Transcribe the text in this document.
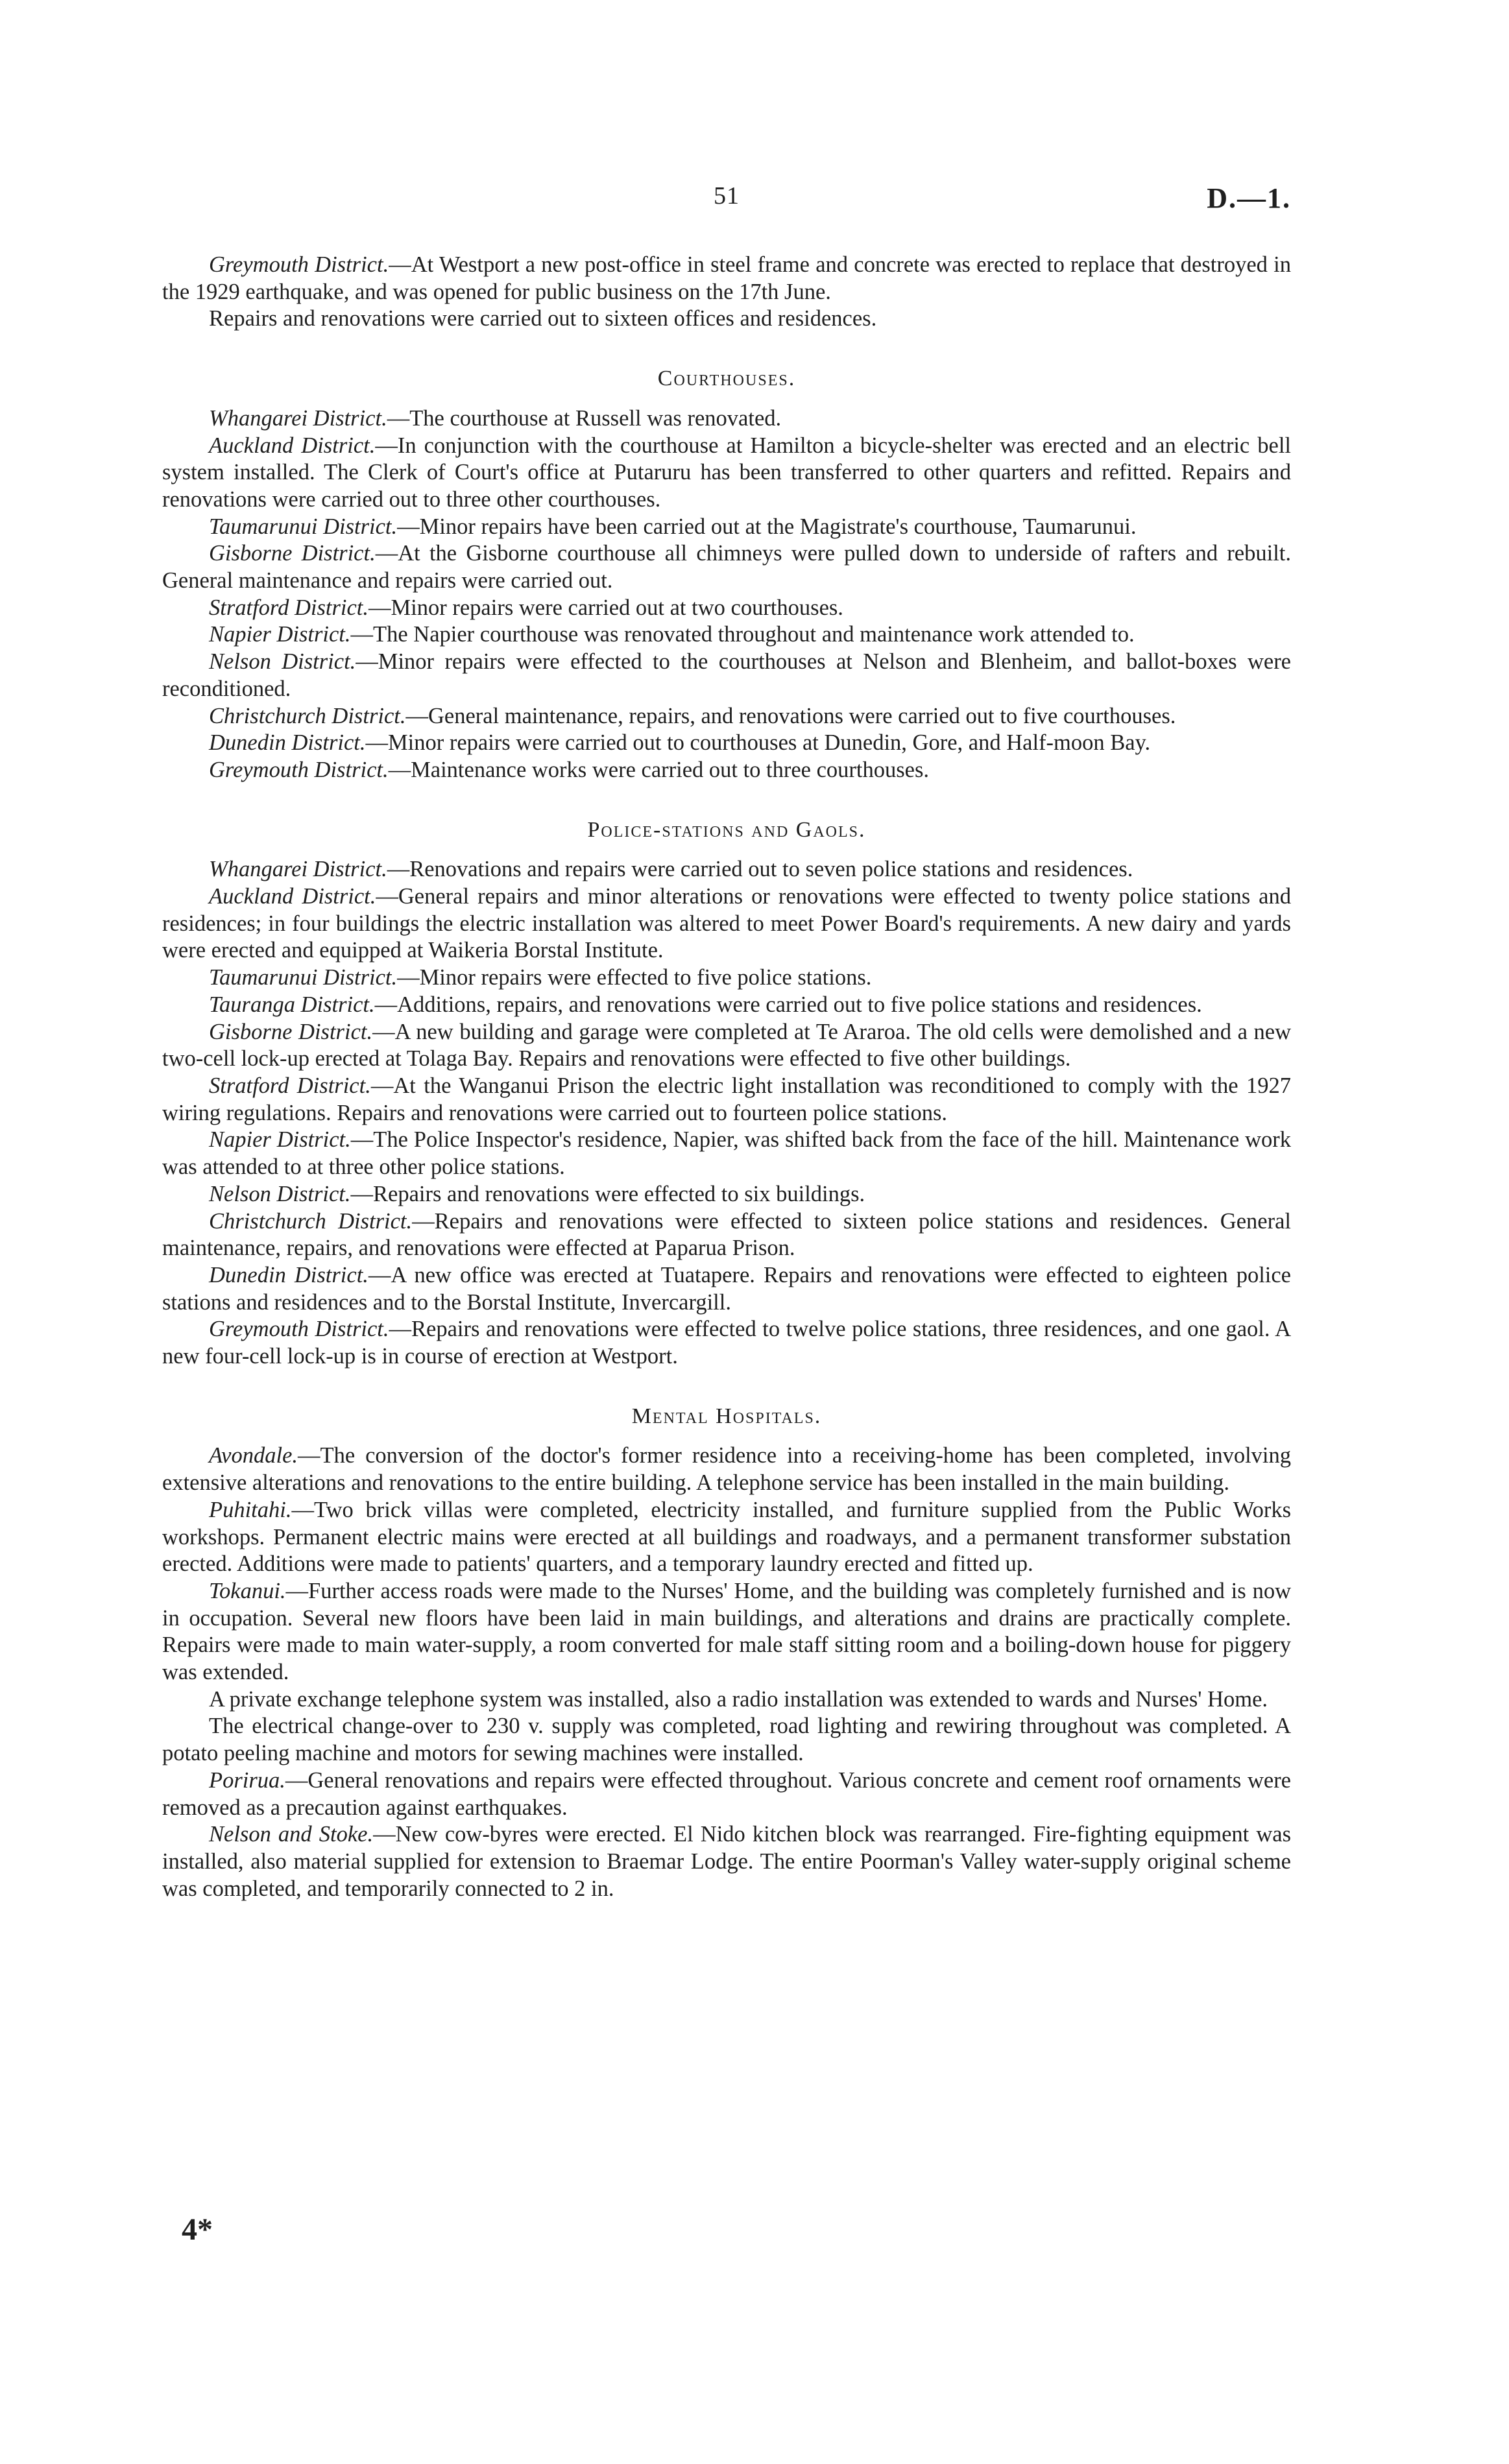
51	D.—1.

Greymouth District.—At Westport a new post-office in steel frame and concrete was erected to replace that destroyed in the 1929 earthquake, and was opened for public business on the 17th June.

Repairs and renovations were carried out to sixteen offices and residences.

Courthouses.

Whangarei District.—The courthouse at Russell was renovated.

Auckland District.—In conjunction with the courthouse at Hamilton a bicycle-shelter was erected and an electric bell system installed. The Clerk of Court's office at Putaruru has been transferred to other quarters and refitted. Repairs and renovations were carried out to three other courthouses.

Taumarunui District.—Minor repairs have been carried out at the Magistrate's courthouse, Taumarunui.

Gisborne District.—At the Gisborne courthouse all chimneys were pulled down to underside of rafters and rebuilt. General maintenance and repairs were carried out.

Stratford District.—Minor repairs were carried out at two courthouses.

Napier District.—The Napier courthouse was renovated throughout and maintenance work attended to.

Nelson District.—Minor repairs were effected to the courthouses at Nelson and Blenheim, and ballot-boxes were reconditioned.

Christchurch District.—General maintenance, repairs, and renovations were carried out to five courthouses.

Dunedin District.—Minor repairs were carried out to courthouses at Dunedin, Gore, and Half-moon Bay.

Greymouth District.—Maintenance works were carried out to three courthouses.

Police-stations and Gaols.

Whangarei District.—Renovations and repairs were carried out to seven police stations and residences.

Auckland District.—General repairs and minor alterations or renovations were effected to twenty police stations and residences; in four buildings the electric installation was altered to meet Power Board's requirements. A new dairy and yards were erected and equipped at Waikeria Borstal Institute.

Taumarunui District.—Minor repairs were effected to five police stations.

Tauranga District.—Additions, repairs, and renovations were carried out to five police stations and residences.

Gisborne District.—A new building and garage were completed at Te Araroa. The old cells were demolished and a new two-cell lock-up erected at Tolaga Bay. Repairs and renovations were effected to five other buildings.

Stratford District.—At the Wanganui Prison the electric light installation was reconditioned to comply with the 1927 wiring regulations. Repairs and renovations were carried out to fourteen police stations.

Napier District.—The Police Inspector's residence, Napier, was shifted back from the face of the hill. Maintenance work was attended to at three other police stations.

Nelson District.—Repairs and renovations were effected to six buildings.

Christchurch District.—Repairs and renovations were effected to sixteen police stations and residences. General maintenance, repairs, and renovations were effected at Paparua Prison.

Dunedin District.—A new office was erected at Tuatapere. Repairs and renovations were effected to eighteen police stations and residences and to the Borstal Institute, Invercargill.

Greymouth District.—Repairs and renovations were effected to twelve police stations, three residences, and one gaol. A new four-cell lock-up is in course of erection at Westport.

Mental Hospitals.

Avondale.—The conversion of the doctor's former residence into a receiving-home has been completed, involving extensive alterations and renovations to the entire building. A telephone service has been installed in the main building.

Puhitahi.—Two brick villas were completed, electricity installed, and furniture supplied from the Public Works workshops. Permanent electric mains were erected at all buildings and roadways, and a permanent transformer substation erected. Additions were made to patients' quarters, and a temporary laundry erected and fitted up.

Tokanui.—Further access roads were made to the Nurses' Home, and the building was completely furnished and is now in occupation. Several new floors have been laid in main buildings, and alterations and drains are practically complete. Repairs were made to main water-supply, a room converted for male staff sitting room and a boiling-down house for piggery was extended.

A private exchange telephone system was installed, also a radio installation was extended to wards and Nurses' Home.

The electrical change-over to 230 v. supply was completed, road lighting and rewiring throughout was completed. A potato peeling machine and motors for sewing machines were installed.

Porirua.—General renovations and repairs were effected throughout. Various concrete and cement roof ornaments were removed as a precaution against earthquakes.

Nelson and Stoke.—New cow-byres were erected. El Nido kitchen block was rearranged. Fire-fighting equipment was installed, also material supplied for extension to Braemar Lodge. The entire Poorman's Valley water-supply original scheme was completed, and temporarily connected to 2 in.

4*
